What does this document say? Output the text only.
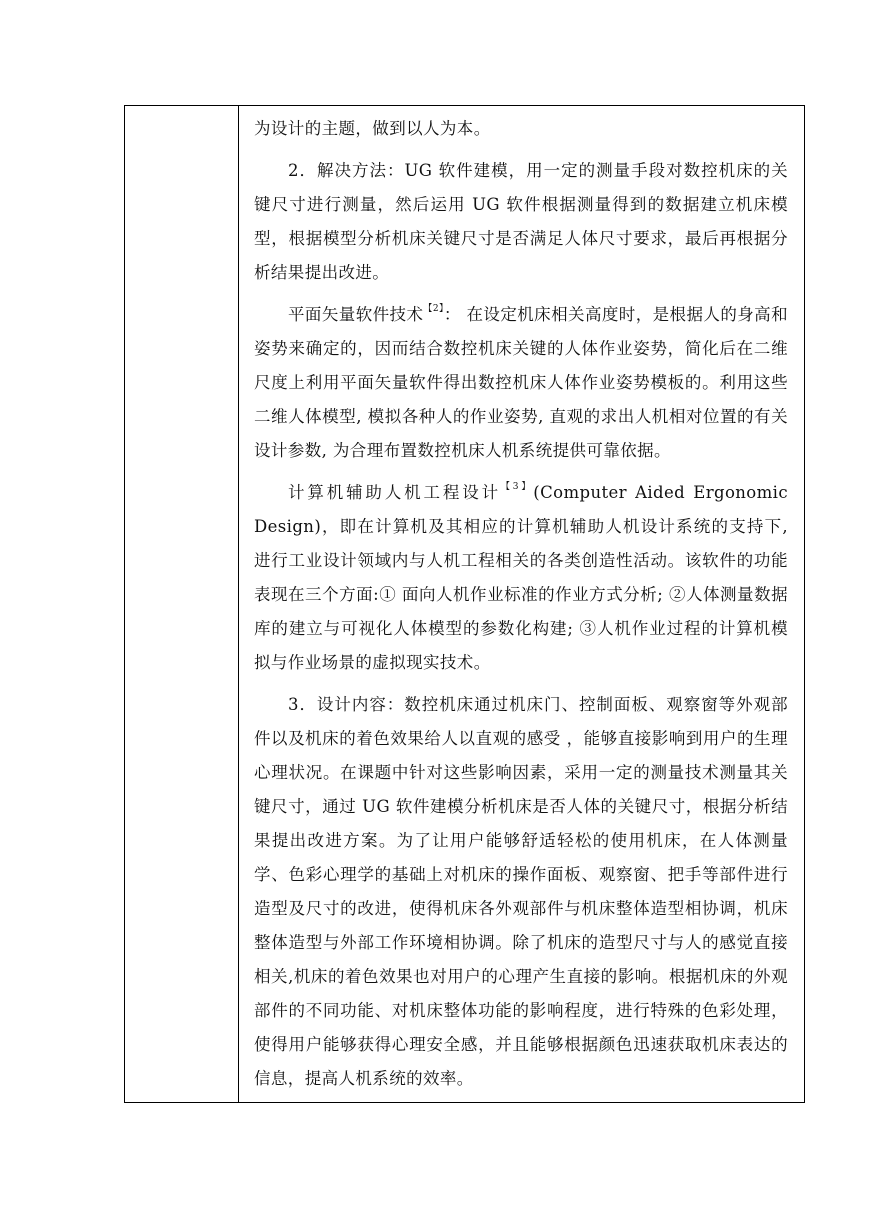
为设计的主题，做到以人为本。

2．解决方法：UG 软件建模，用一定的测量手段对数控机床的关键尺寸进行测量，然后运用 UG 软件根据测量得到的数据建立机床模型，根据模型分析机床关键尺寸是否满足人体尺寸要求，最后再根据分析结果提出改进。

平面矢量软件技术$^{【2】}$： 在设定机床相关高度时，是根据人的身高和姿势来确定的，因而结合数控机床关键的人体作业姿势，简化后在二维尺度上利用平面矢量软件得出数控机床人体作业姿势模板的。利用这些二维人体模型, 模拟各种人的作业姿势, 直观的求出人机相对位置的有关设计参数, 为合理布置数控机床人机系统提供可靠依据。

计算机辅助人机工程设计$^{【3】}$(Computer Aided Ergonomic Design)，即在计算机及其相应的计算机辅助人机设计系统的支持下, 进行工业设计领域内与人机工程相关的各类创造性活动。该软件的功能表现在三个方面:① 面向人机作业标准的作业方式分析; ②人体测量数据库的建立与可视化人体模型的参数化构建; ③人机作业过程的计算机模拟与作业场景的虚拟现实技术。

3．设计内容：数控机床通过机床门、控制面板、观察窗等外观部件以及机床的着色效果给人以直观的感受 ，能够直接影响到用户的生理心理状况。在课题中针对这些影响因素，采用一定的测量技术测量其关键尺寸，通过 UG 软件建模分析机床是否人体的关键尺寸，根据分析结果提出改进方案。为了让用户能够舒适轻松的使用机床，在人体测量学、色彩心理学的基础上对机床的操作面板、观察窗、把手等部件进行造型及尺寸的改进，使得机床各外观部件与机床整体造型相协调，机床整体造型与外部工作环境相协调。除了机床的造型尺寸与人的感觉直接相关,机床的着色效果也对用户的心理产生直接的影响。根据机床的外观部件的不同功能、对机床整体功能的影响程度，进行特殊的色彩处理，使得用户能够获得心理安全感，并且能够根据颜色迅速获取机床表达的信息，提高人机系统的效率。
